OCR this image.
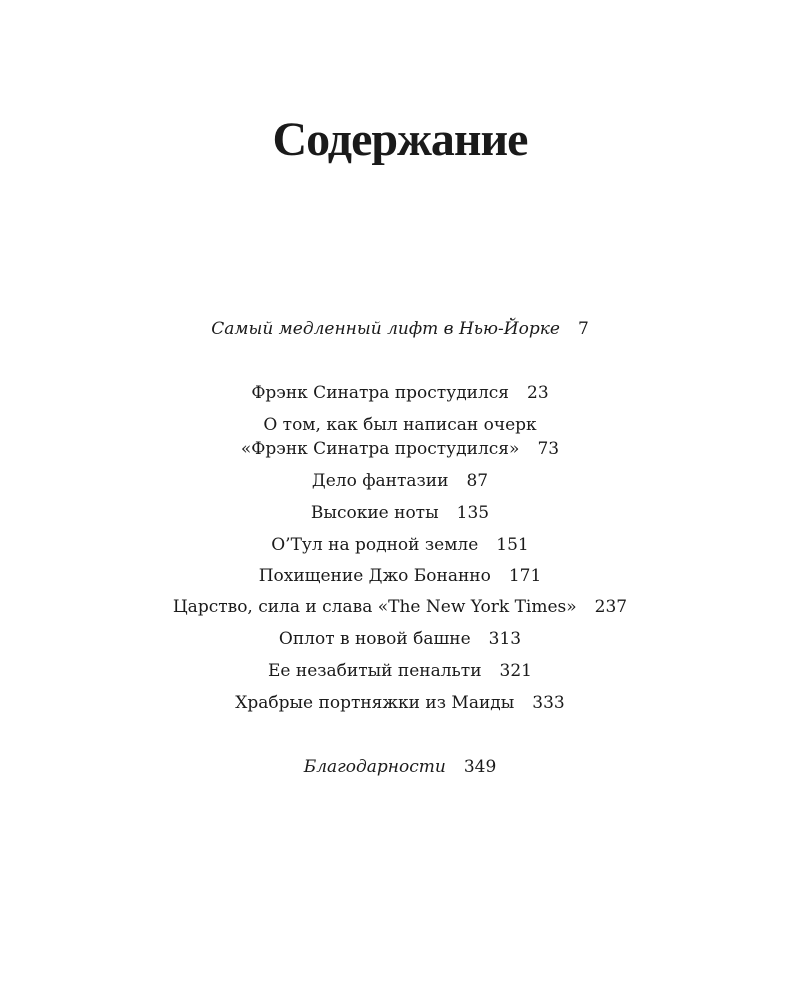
Содержание
Самый медленный лифт в Нью-Йорке 7
Фрэнк Синатра простудился 23
О том, как был написан очерк
«Фрэнк Синатра простудился» 73
Дело фантазии 87
Высокие ноты 135
О’Тул на родной земле 151
Похищение Джо Бонанно 171
Царство, сила и слава «The New York Times» 237
Оплот в новой башне 313
Ее незабитый пенальти 321
Храбрые портняжки из Маиды 333
Благодарности 349
